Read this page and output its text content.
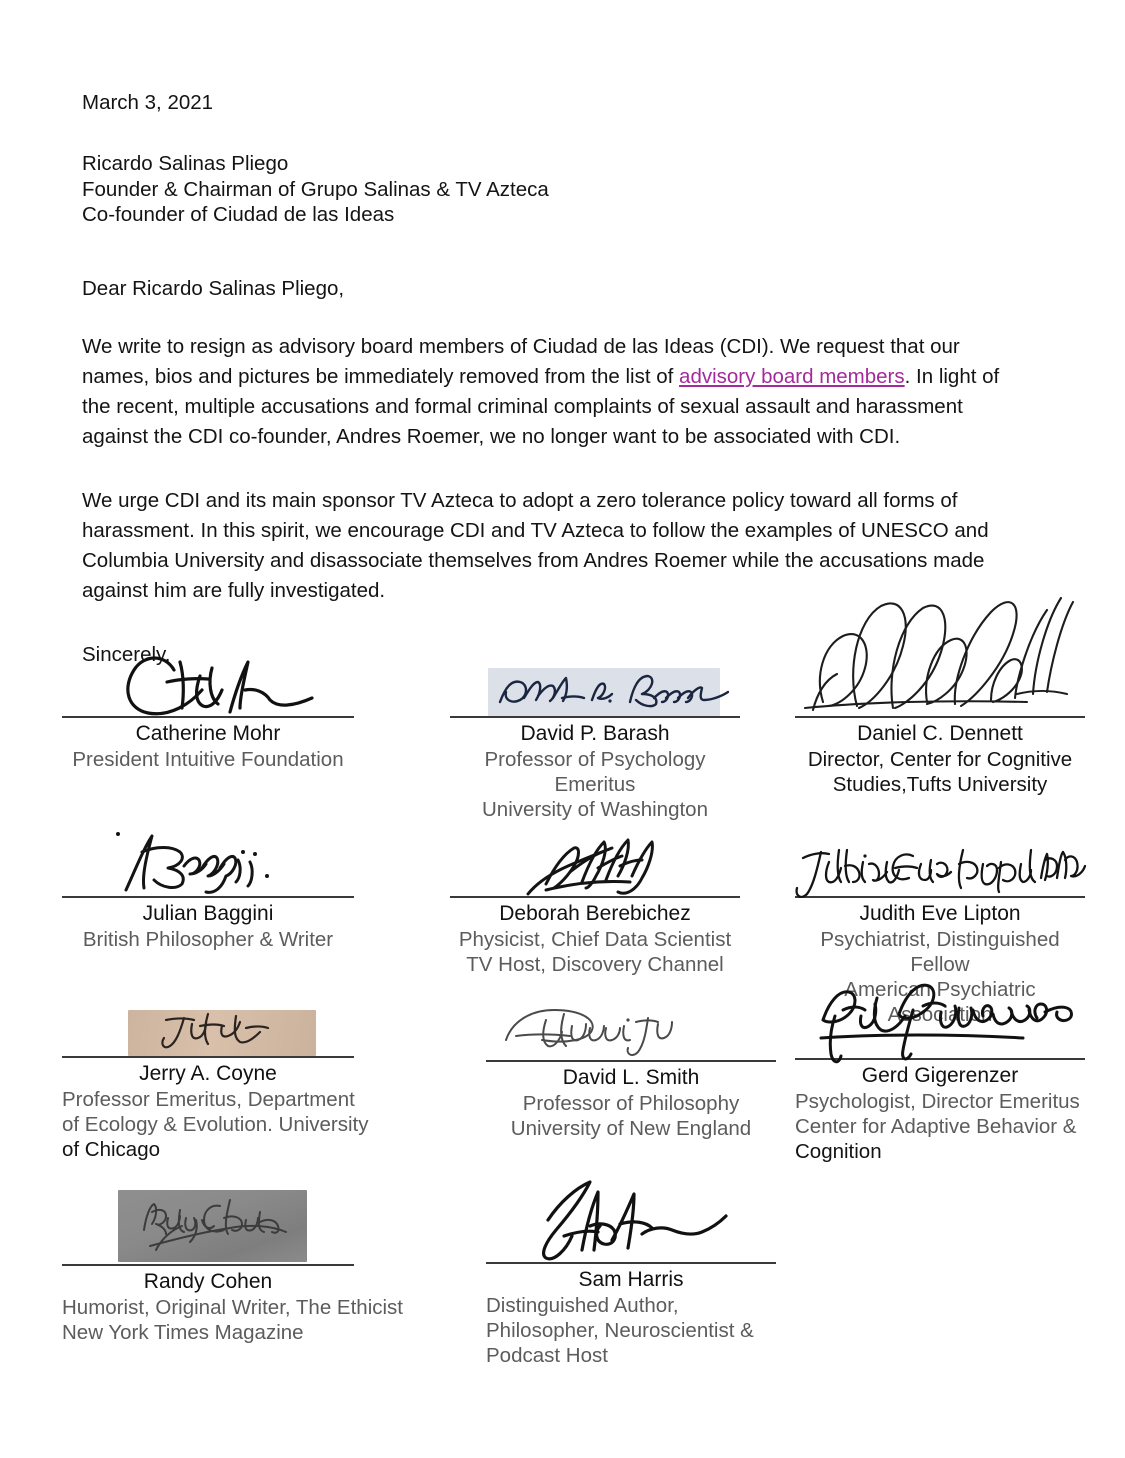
March 3, 2021
Ricardo Salinas Pliego
Founder & Chairman of Grupo Salinas & TV Azteca
Co-founder of Ciudad de las Ideas
Dear Ricardo Salinas Pliego,
We write to resign as advisory board members of Ciudad de las Ideas (CDI). We request that our names, bios and pictures be immediately removed from the list of advisory board members. In light of the recent, multiple accusations and formal criminal complaints of sexual assault and harassment against the CDI co-founder, Andres Roemer, we no longer want to be associated with CDI.
We urge CDI and its main sponsor TV Azteca to adopt a zero tolerance policy toward all forms of harassment. In this spirit, we encourage CDI and TV Azteca to follow the examples of UNESCO and Columbia University and disassociate themselves from Andres Roemer while the accusations made against him are fully investigated.
Sincerely,
Catherine Mohr
President Intuitive Foundation
David P. Barash
Professor of Psychology Emeritus
University of Washington
Daniel C. Dennett
Director, Center for Cognitive
Studies,Tufts University
Julian Baggini
British Philosopher & Writer
Deborah Berebichez
Physicist, Chief Data Scientist
TV Host, Discovery Channel
Judith Eve Lipton
Psychiatrist, Distinguished Fellow
American Psychiatric Association
Jerry A. Coyne
Professor Emeritus, Department
of Ecology & Evolution. University
of Chicago
David L. Smith
Professor of Philosophy
University of New England
Gerd Gigerenzer
Psychologist, Director Emeritus
Center for Adaptive Behavior &
Cognition
Randy Cohen
Humorist, Original Writer, The Ethicist
New York Times Magazine
Sam Harris
Distinguished Author,
Philosopher, Neuroscientist &
Podcast Host
